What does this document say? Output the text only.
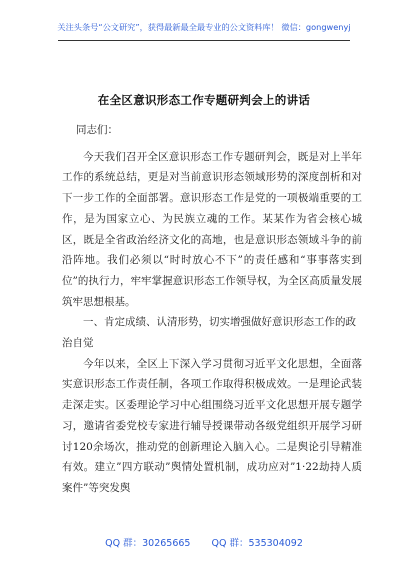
关注头条号“公文研究”，获得最新最全最专业的公文资料库！ 微信：gongwenyj
在全区意识形态工作专题研判会上的讲话

同志们：

今天我们召开全区意识形态工作专题研判会，既是对上半年工作的系统总结，更是对当前意识形态领域形势的深度剖析和对下一步工作的全面部署。意识形态工作是党的一项极端重要的工作，是为国家立心、为民族立魂的工作。某某作为省会核心城区，既是全省政治经济文化的高地，也是意识形态领域斗争的前沿阵地。我们必须以“时时放心不下”的责任感和“事事落实到位”的执行力，牢牢掌握意识形态工作领导权，为全区高质量发展筑牢思想根基。

一、肯定成绩、认清形势，切实增强做好意识形态工作的政治自觉

今年以来，全区上下深入学习贯彻习近平文化思想，全面落实意识形态工作责任制，各项工作取得积极成效。一是理论武装走深走实。区委理论学习中心组围绕习近平文化思想开展专题学习，邀请省委党校专家进行辅导授课带动各级党组织开展学习研讨120余场次，推动党的创新理论入脑入心。二是舆论引导精准有效。建立”四方联动”舆情处置机制，成功应对”1·22劫持人质案件”等突发舆

QQ 群：30265665 QQ 群：535304092
